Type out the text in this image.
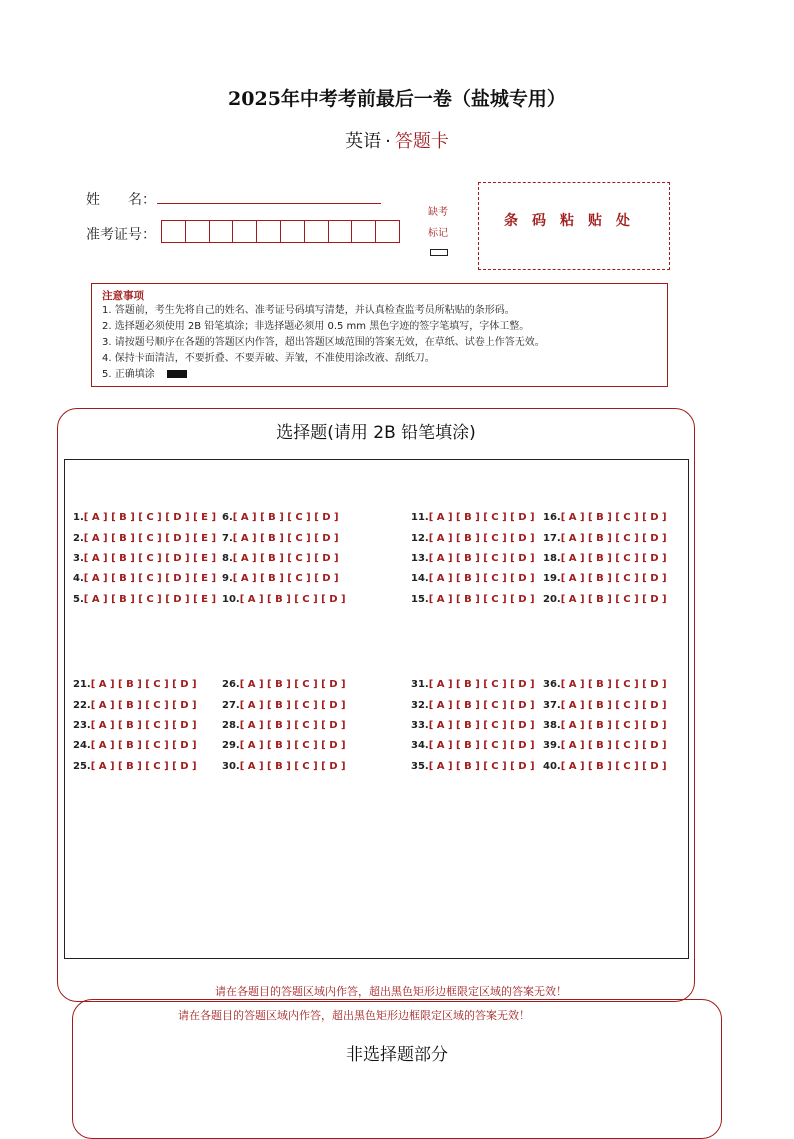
2025年中考考前最后一卷（盐城专用）
英语 · 答题卡
姓　　名：
准考证号：
缺考
标记
条码粘贴处
注意事项
1. 答题前，考生先将自己的姓名、准考证号码填写清楚，并认真检查监考员所粘贴的条形码。
2. 选择题必须使用 2B 铅笔填涂；非选择题必须用 0.5 mm 黑色字迹的签字笔填写，字体工整。
3. 请按题号顺序在各题的答题区内作答，超出答题区域范围的答案无效，在草纸、试卷上作答无效。
4. 保持卡面清洁，不要折叠、不要弄破、弄皱，不准使用涂改液、刮纸刀。
5. 正确填涂
选择题(请用 2B 铅笔填涂)
1.[ A ] [ B ] [ C ] [ D ] [ E ]
2.[ A ] [ B ] [ C ] [ D ] [ E ]
3.[ A ] [ B ] [ C ] [ D ] [ E ]
4.[ A ] [ B ] [ C ] [ D ] [ E ]
5.[ A ] [ B ] [ C ] [ D ] [ E ]
6.[ A ] [ B ] [ C ] [ D ]
7.[ A ] [ B ] [ C ] [ D ]
8.[ A ] [ B ] [ C ] [ D ]
9.[ A ] [ B ] [ C ] [ D ]
10.[ A ] [ B ] [ C ] [ D ]
11.[ A ] [ B ] [ C ] [ D ]
12.[ A ] [ B ] [ C ] [ D ]
13.[ A ] [ B ] [ C ] [ D ]
14.[ A ] [ B ] [ C ] [ D ]
15.[ A ] [ B ] [ C ] [ D ]
16.[ A ] [ B ] [ C ] [ D ]
17.[ A ] [ B ] [ C ] [ D ]
18.[ A ] [ B ] [ C ] [ D ]
19.[ A ] [ B ] [ C ] [ D ]
20.[ A ] [ B ] [ C ] [ D ]
21.[ A ] [ B ] [ C ] [ D ]
22.[ A ] [ B ] [ C ] [ D ]
23.[ A ] [ B ] [ C ] [ D ]
24.[ A ] [ B ] [ C ] [ D ]
25.[ A ] [ B ] [ C ] [ D ]
26.[ A ] [ B ] [ C ] [ D ]
27.[ A ] [ B ] [ C ] [ D ]
28.[ A ] [ B ] [ C ] [ D ]
29.[ A ] [ B ] [ C ] [ D ]
30.[ A ] [ B ] [ C ] [ D ]
31.[ A ] [ B ] [ C ] [ D ]
32.[ A ] [ B ] [ C ] [ D ]
33.[ A ] [ B ] [ C ] [ D ]
34.[ A ] [ B ] [ C ] [ D ]
35.[ A ] [ B ] [ C ] [ D ]
36.[ A ] [ B ] [ C ] [ D ]
37.[ A ] [ B ] [ C ] [ D ]
38.[ A ] [ B ] [ C ] [ D ]
39.[ A ] [ B ] [ C ] [ D ]
40.[ A ] [ B ] [ C ] [ D ]
请在各题目的答题区域内作答，超出黑色矩形边框限定区域的答案无效！
请在各题目的答题区域内作答，超出黑色矩形边框限定区域的答案无效！
非选择题部分
